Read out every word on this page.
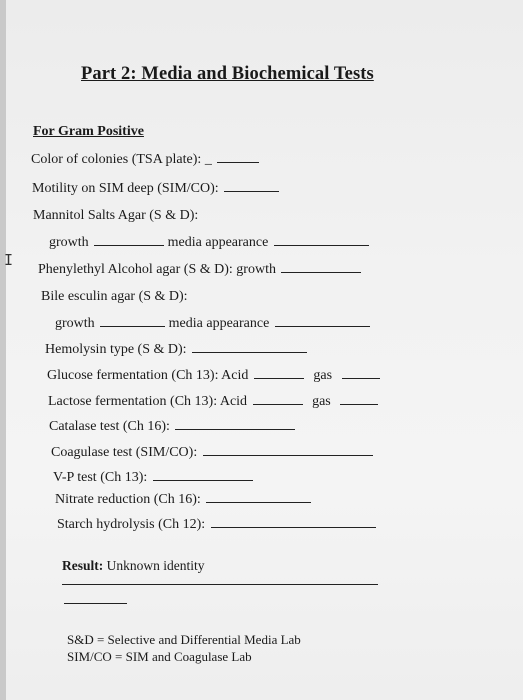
Part 2: Media and Biochemical Tests
For Gram Positive
Color of colonies (TSA plate): _
Motility on SIM deep (SIM/CO):
Mannitol Salts Agar (S & D):
growth	media appearance
Phenylethyl Alcohol agar (S & D): growth
Bile esculin agar (S & D):
growth	media appearance
Hemolysin type (S & D):
Glucose fermentation (Ch 13): Acid	gas
Lactose fermentation (Ch 13): Acid	gas
Catalase test (Ch 16):
Coagulase test (SIM/CO):
V-P test (Ch 13):
Nitrate reduction (Ch 16):
Starch hydrolysis (Ch 12):
Result: Unknown identity
S&D = Selective and Differential Media Lab
SIM/CO = SIM and Coagulase Lab
I
